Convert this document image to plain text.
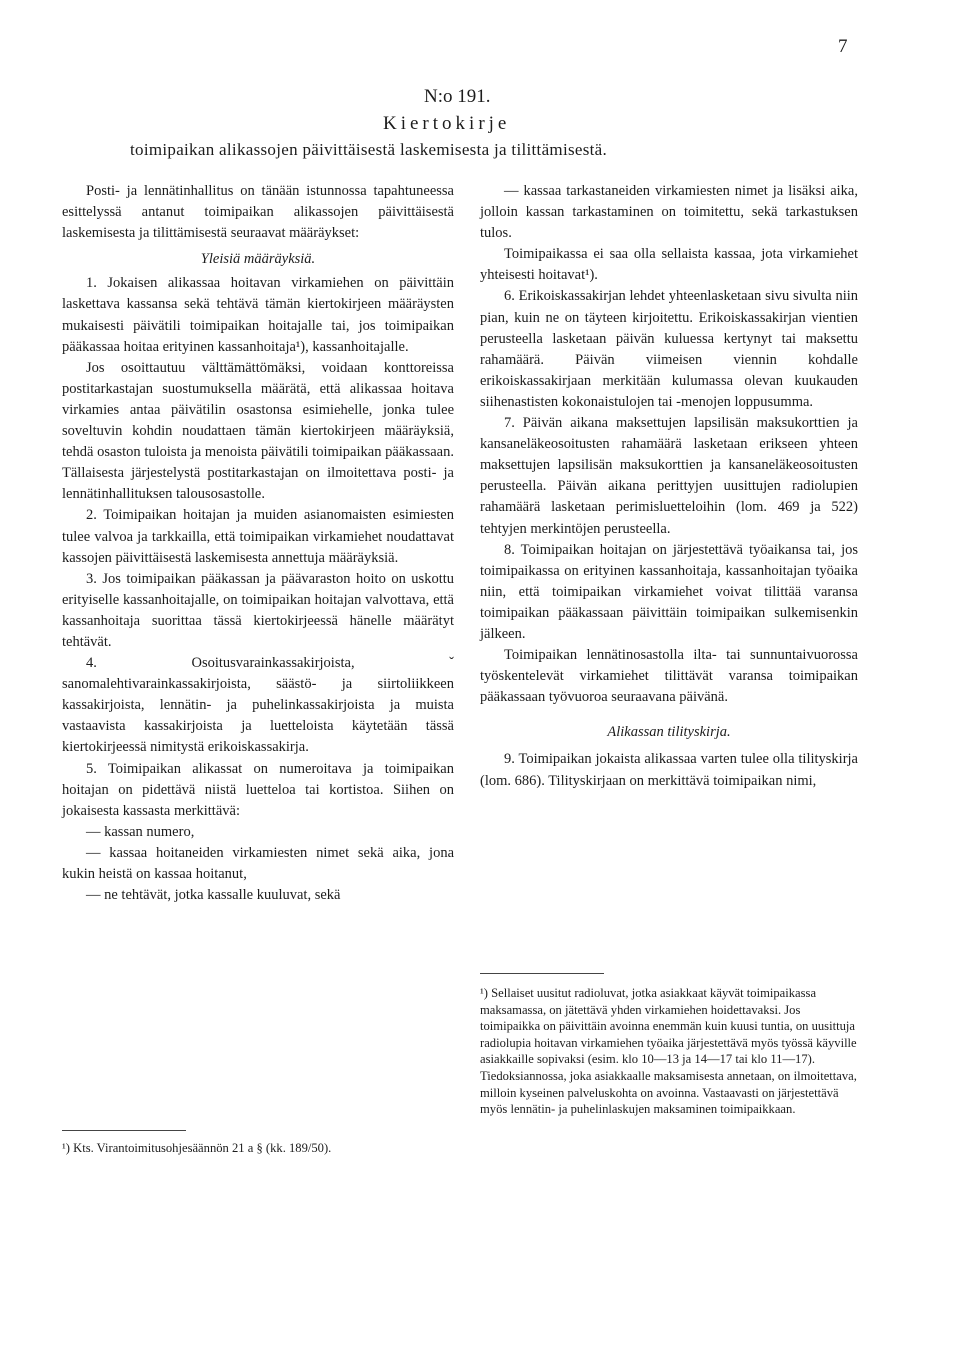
7
N:o 191.
Kiertokirje
toimipaikan alikassojen päivittäisestä laskemisesta ja tilittämisestä.

Posti- ja lennätinhallitus on tänään istunnossa tapahtuneessa esittelyssä antanut toimipaikan alikassojen päivittäisestä laskemisesta ja tilittämisestä seuraavat määräykset:

Yleisiä määräyksiä.

1. Jokaisen alikassaa hoitavan virkamiehen on päivittäin laskettava kassansa sekä tehtävä tämän kiertokirjeen määräysten mukaisesti päivätili toimipaikan hoitajalle tai, jos toimipaikan pääkassaa hoitaa erityinen kassanhoitaja¹), kassanhoitajalle.

Jos osoittautuu välttämättömäksi, voidaan konttoreissa postitarkastajan suostumuksella määrätä, että alikassaa hoitava virkamies antaa päivätilin osastonsa esimiehelle, jonka tulee soveltuvin kohdin noudattaen tämän kiertokirjeen määräyksiä, tehdä osaston tuloista ja menoista päivätili toimipaikan pääkassaan. Tällaisesta järjestelystä postitarkastajan on ilmoitettava posti- ja lennätinhallituksen talousosastolle.

2. Toimipaikan hoitajan ja muiden asianomaisten esimiesten tulee valvoa ja tarkkailla, että toimipaikan virkamiehet noudattavat kassojen päivittäisestä laskemisesta annettuja määräyksiä.

3. Jos toimipaikan pääkassan ja päävaraston hoito on uskottu erityiselle kassanhoitajalle, on toimipaikan hoitajan valvottava, että kassanhoitaja suorittaa tässä kiertokirjeessä hänelle määrätyt tehtävät.

4. Osoitusvarainkassakirjoista, ˇ sanomalehtivarainkassakirjoista, säästö- ja siirtoliikkeen kassakirjoista, lennätin- ja puhelinkassakirjoista ja muista vastaavista kassakirjoista ja luetteloista käytetään tässä kiertokirjeessä nimitystä erikoiskassakirja.

5. Toimipaikan alikassat on numeroitava ja toimipaikan hoitajan on pidettävä niistä luetteloa tai kortistoa. Siihen on jokaisesta kassasta merkittävä:

— kassan numero,

— kassaa hoitaneiden virkamiesten nimet sekä aika, jona kukin heistä on kassaa hoitanut,

— ne tehtävät, jotka kassalle kuuluvat, sekä

¹) Kts. Virantoimitusohjesäännön 21 a § (kk. 189/50).

— kassaa tarkastaneiden virkamiesten nimet ja lisäksi aika, jolloin kassan tarkastaminen on toimitettu, sekä tarkastuksen tulos.

Toimipaikassa ei saa olla sellaista kassaa, jota virkamiehet yhteisesti hoitavat¹).

6. Erikoiskassakirjan lehdet yhteenlasketaan sivu sivulta niin pian, kuin ne on täyteen kirjoitettu. Erikoiskassakirjan vientien perusteella lasketaan päivän kuluessa kertynyt tai maksettu rahamäärä. Päivän viimeisen viennin kohdalle erikoiskassakirjaan merkitään kulumassa olevan kuukauden siihenastisten kokonaistulojen tai -menojen loppusumma.

7. Päivän aikana maksettujen lapsilisän maksukorttien ja kansaneläkeosoitusten rahamäärä lasketaan erikseen yhteen maksettujen lapsilisän maksukorttien ja kansaneläkeosoitusten perusteella. Päivän aikana perittyjen uusittujen radiolupien rahamäärä lasketaan perimisluetteloihin (lom. 469 ja 522) tehtyjen merkintöjen perusteella.

8. Toimipaikan hoitajan on järjestettävä työaikansa tai, jos toimipaikassa on erityinen kassanhoitaja, kassanhoitajan työaika niin, että toimipaikan virkamiehet voivat tilittää varansa toimipaikan pääkassaan päivittäin toimipaikan sulkemisenkin jälkeen.

Toimipaikan lennätinosastolla ilta- tai sunnuntaivuorossa työskentelevät virkamiehet tilittävät varansa toimipaikan pääkassaan työvuoroa seuraavana päivänä.

Alikassan tilityskirja.

9. Toimipaikan jokaista alikassaa varten tulee olla tilityskirja (lom. 686). Tilityskirjaan on merkittävä toimipaikan nimi,

¹) Sellaiset uusitut radioluvat, jotka asiakkaat käyvät toimipaikassa maksamassa, on jätettävä yhden virkamiehen hoidettavaksi. Jos toimipaikka on päivittäin avoinna enemmän kuin kuusi tuntia, on uusittuja radiolupia hoitavan virkamiehen työaika järjestettävä myös työssä käyville asiakkaille sopivaksi (esim. klo 10—13 ja 14—17 tai klo 11—17). Tiedoksiannossa, joka asiakkaalle maksamisesta annetaan, on ilmoitettava, milloin kyseinen palveluskohta on avoinna. Vastaavasti on järjestettävä myös lennätin- ja puhelinlaskujen maksaminen toimipaikkaan.
